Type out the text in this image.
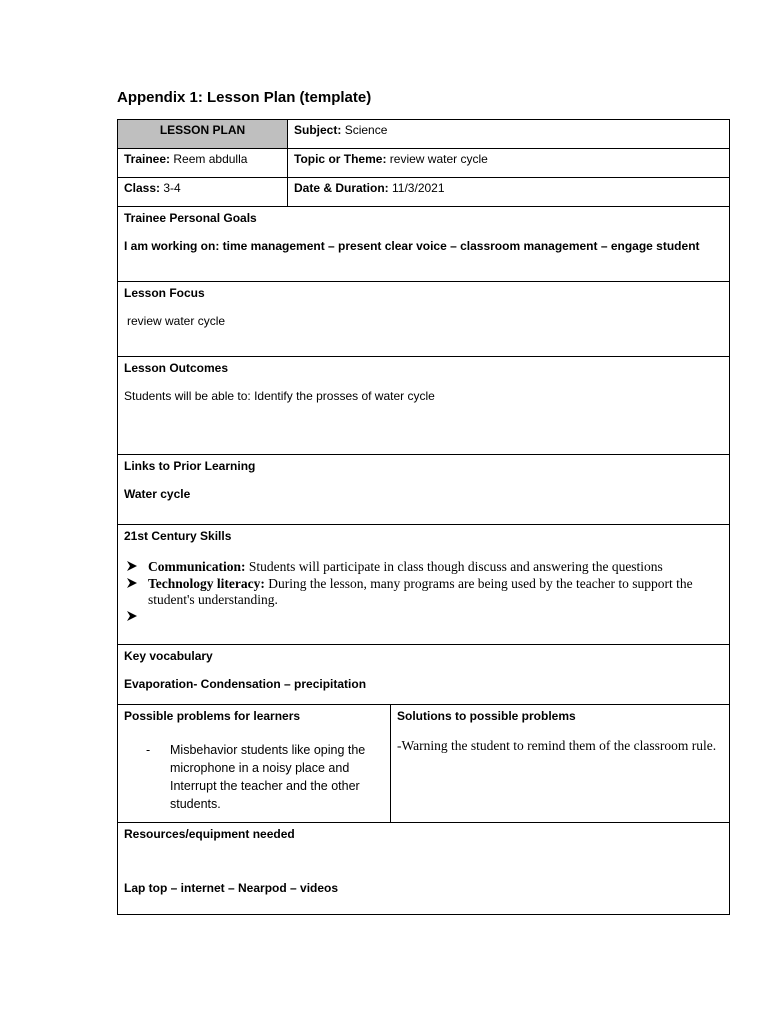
Appendix 1: Lesson Plan (template)
LESSON PLAN	Subject: Science
Trainee: Reem abdulla	Topic or Theme: review water cycle
Class: 3-4	Date & Duration: 11/3/2021
Trainee Personal Goals
I am working on: time management – present clear voice – classroom management – engage student
Lesson Focus
review water cycle
Lesson Outcomes
Students will be able to: Identify the prosses of water cycle
Links to Prior Learning
Water cycle
21st Century Skills
Communication: Students will participate in class though discuss and answering the questions
Technology literacy: During the lesson, many programs are being used by the teacher to support the student's understanding.
Key vocabulary
Evaporation- Condensation – precipitation
Possible problems for learners
- Misbehavior students like oping the microphone in a noisy place and Interrupt the teacher and the other students.
Solutions to possible problems
-Warning the student to remind them of the classroom rule.
Resources/equipment needed
Lap top – internet – Nearpod – videos
